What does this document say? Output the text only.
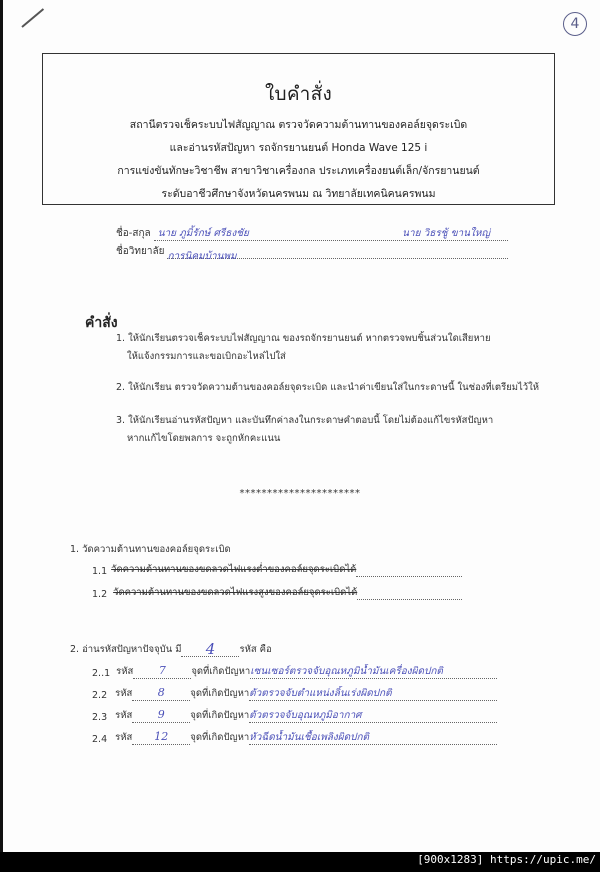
4
ใบคำสั่ง
สถานีตรวจเช็คระบบไฟสัญญาณ ตรวจวัดความต้านทานของคอล์ยจุดระเบิด
และอ่านรหัสปัญหา รถจักรยานยนต์ Honda Wave 125 i
การแข่งขันทักษะวิชาชีพ สาขาวิชาเครื่องกล ประเภทเครื่องยนต์เล็ก/จักรยานยนต์
ระดับอาชีวศึกษาจังหวัดนครพนม ณ วิทยาลัยเทคนิคนครพนม
ชื่อ-สกุล นาย ภูมิ้รักษ์ ศรีธงชัย	นาย วิธรชู้ ขานใหญ่
ชื่อวิทยาลัย การนิคมบ้านพม
คำสั่ง
1. ให้นักเรียนตรวจเช็คระบบไฟสัญญาณ ของรถจักรยานยนต์ หากตรวจพบชิ้นส่วนใดเสียหาย
ให้แจ้งกรรมการและขอเบิกอะไหล่ไปใส่
2. ให้นักเรียน ตรวจวัดความต้านของคอล์ยจุดระเบิด และนำค่าเขียนใส่ในกระดาษนี้ ในช่องที่เตรียมไว้ให้
3. ให้นักเรียนอ่านรหัสปัญหา และบันทึกค่าลงในกระดาษคำตอบนี้ โดยไม่ต้องแก้ไขรหัสปัญหา
หากแก้ไขโดยพลการ จะถูกหักคะแนน
**********************
1. วัดความต้านทานของคอล์ยจุดระเบิด
1.1 วัดความต้านทานของขดลวดไฟแรงต่ำของคอล์ยจุดระเบิดได้
1.2 วัดความต้านทานของขดลวดไฟแรงสูงของคอล์ยจุดระเบิดได้
2. อ่านรหัสปัญหาปัจจุบัน มี	4	รหัส คือ
2..1 รหัส	7	จุดที่เกิดปัญหา เซนเซอร์ตรวจจับอุณหภูมิน้ำมันเครื่องผิดปกติ
2.2 รหัส	8	จุดที่เกิดปัญหา ตัวตรวจจับตำแหน่งลิ้นเร่งผิดปกติ
2.3 รหัส	9	จุดที่เกิดปัญหา ตัวตรวจจับอุณหภูมิอากาศ
2.4 รหัส	12	จุดที่เกิดปัญหา หัวฉีดน้ำมันเชื้อเพลิงผิดปกติ
[900x1283] https://upic.me/
